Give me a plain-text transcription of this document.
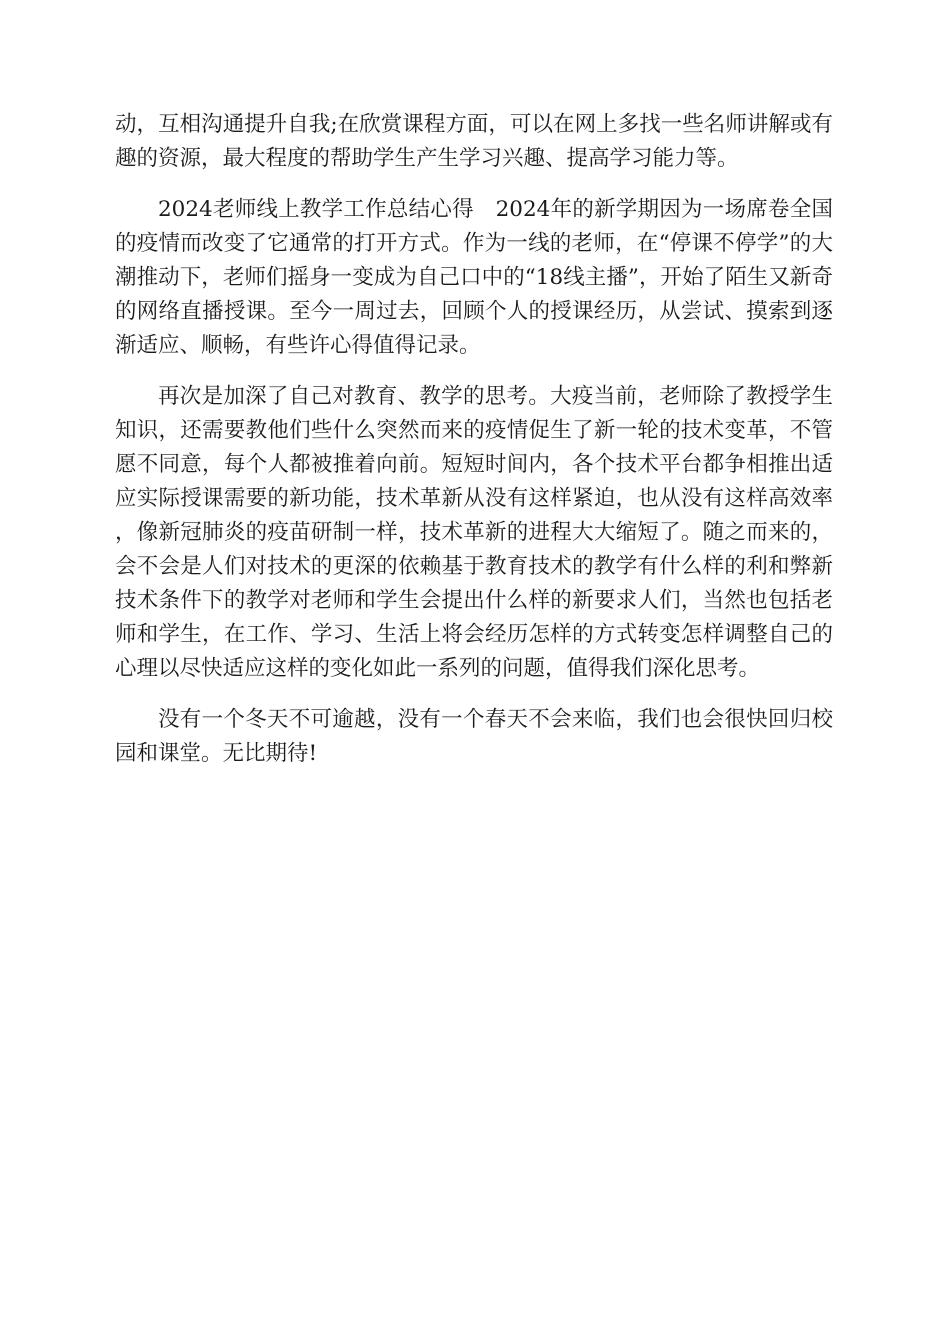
动，互相沟通提升自我;在欣赏课程方面，可以在网上多找一些名师讲解或有趣的资源，最大程度的帮助学生产生学习兴趣、提高学习能力等。

2024老师线上教学工作总结心得　2024年的新学期因为一场席卷全国的疫情而改变了它通常的打开方式。作为一线的老师，在“停课不停学”的大潮推动下，老师们摇身一变成为自己口中的“18线主播”，开始了陌生又新奇的网络直播授课。至今一周过去，回顾个人的授课经历，从尝试、摸索到逐渐适应、顺畅，有些许心得值得记录。

再次是加深了自己对教育、教学的思考。大疫当前，老师除了教授学生知识，还需要教他们些什么突然而来的疫情促生了新一轮的技术变革，不管愿不同意，每个人都被推着向前。短短时间内，各个技术平台都争相推出适应实际授课需要的新功能，技术革新从没有这样紧迫，也从没有这样高效率，像新冠肺炎的疫苗研制一样，技术革新的进程大大缩短了。随之而来的，会不会是人们对技术的更深的依赖基于教育技术的教学有什么样的利和弊新技术条件下的教学对老师和学生会提出什么样的新要求人们，当然也包括老师和学生，在工作、学习、生活上将会经历怎样的方式转变怎样调整自己的心理以尽快适应这样的变化如此一系列的问题，值得我们深化思考。

没有一个冬天不可逾越，没有一个春天不会来临，我们也会很快回归校园和课堂。无比期待!
